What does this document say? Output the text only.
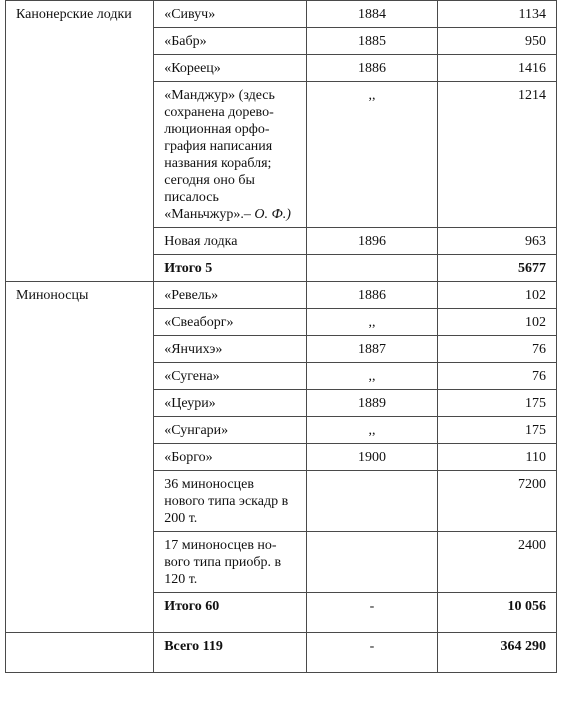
Канонерские лодки	«Сивуч»	1884	1134
	«Бабр»	1885	950
	«Кореец»	1886	1416
	«Манджур» (здесь сохранена доревo-люционная орфо-графия написания названия корабля; сегодня оно бы писалось «Маньчжур».– О. Ф.)	,,	1214
	Новая лодка	1896	963
	Итого 5		5677
Миноносцы	«Ревель»	1886	102
	«Свеаборг»	,,	102
	«Янчихэ»	1887	76
	«Сугена»	,,	76
	«Цеури»	1889	175
	«Сунгари»	,,	175
	«Борго»	1900	110
	36 миноносцев нового типа эскадр в 200 т.		7200
	17 миноносцев но-вого типа приобр. в 120 т.		2400
	Итого 60	-	10 056
	Всего 119	-	364 290
